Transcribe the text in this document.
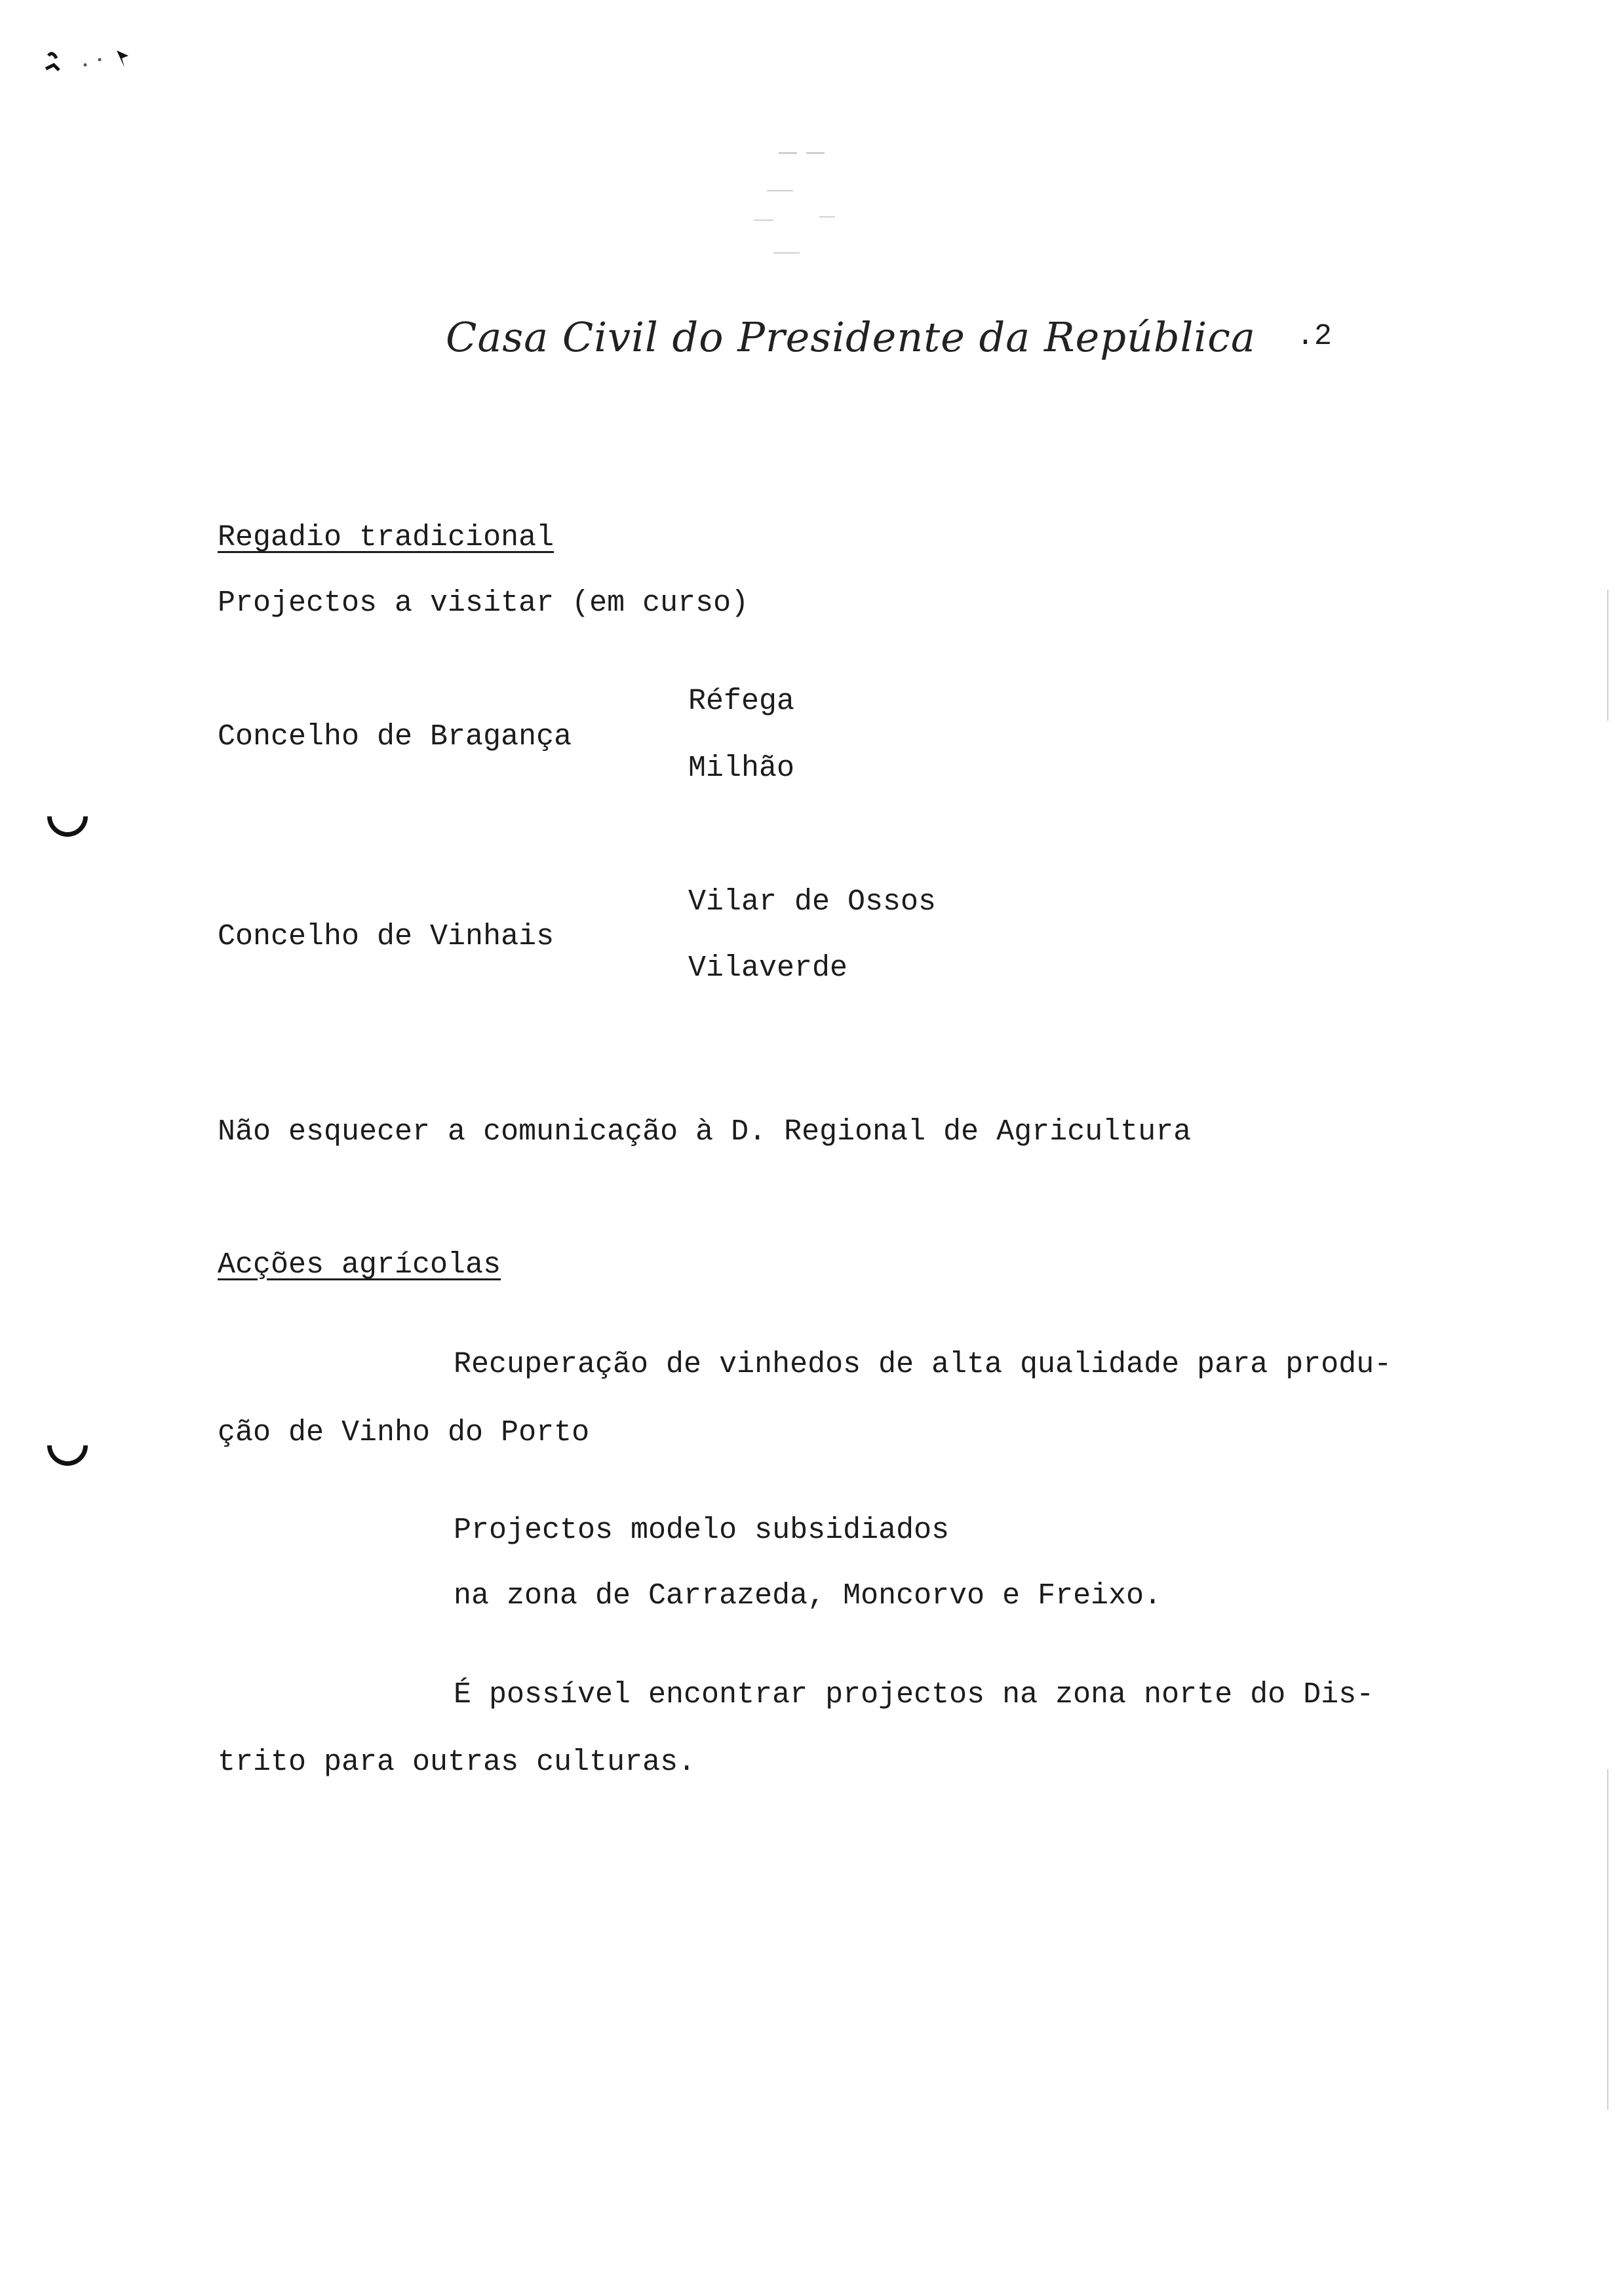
Casa Civil do Presidente da República .2
Regadio tradicional
Projectos a visitar (em curso)
Concelho de Bragança
Réfega
Milhão
Concelho de Vinhais
Vilar de Ossos
Vilaverde
Não esquecer a comunicação à D. Regional de Agricultura
Acções agrícolas
Recuperação de vinhedos de alta qualidade para produ-
ção de Vinho do Porto
Projectos modelo subsidiados
na zona de Carrazeda, Moncorvo e Freixo.
É possível encontrar projectos na zona norte do Dis-
trito para outras culturas.
